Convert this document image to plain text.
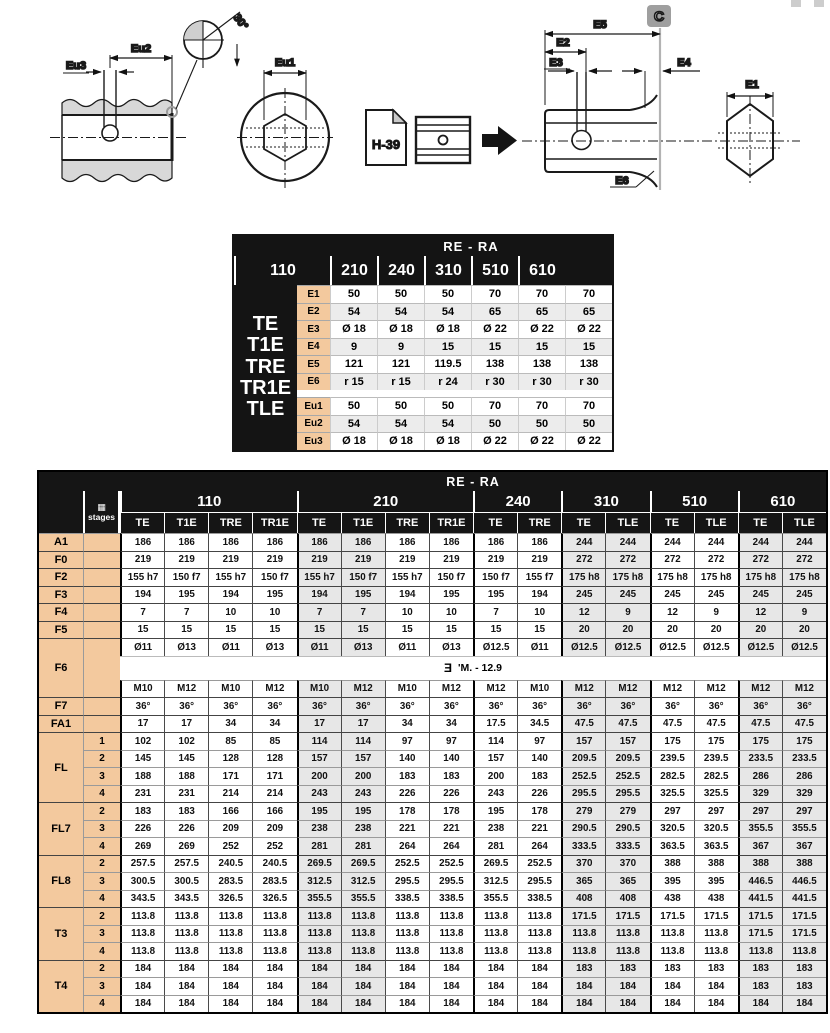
Eu2
Eu3
30°
Eu1
H-39
C
E5
E2
E3	E4
E6
E1
RE - RA
110	210	240	310	510	610
TE
T1E
TRE
TR1E
TLE
E1	50	50	50	70	70	70
E2	54	54	54	65	65	65
E3	Ø 18	Ø 18	Ø 18	Ø 22	Ø 22	Ø 22
E4	9	9	15	15	15	15
E5	121	121	119.5	138	138	138
E6	r 15	r 15	r 24	r 30	r 30	r 30
Eu1	50	50	50	70	70	70
Eu2	54	54	54	50	50	50
Eu3	Ø 18	Ø 18	Ø 18	Ø 22	Ø 22	Ø 22
RE - RA
▦
stages
110	210	240	310	510	610
TE	T1E	TRE	TR1E	TE	T1E	TRE	TR1E	TE	TRE	TE	TLE	TE	TLE	TE	TLE
A1	186	186	186	186	186	186	186	186	186	186	244	244	244	244	244	244
F0	219	219	219	219	219	219	219	219	219	219	272	272	272	272	272	272
F2	155 h7	150 f7	155 h7	150 f7	155 h7	150 f7	155 h7	150 f7	150 f7	155 f7	175 h8	175 h8	175 h8	175 h8	175 h8	175 h8
F3	194	195	194	195	194	195	194	195	195	194	245	245	245	245	245	245
F4	7	7	10	10	7	7	10	10	7	10	12	9	12	9	12	9
F5	15	15	15	15	15	15	15	15	15	15	20	20	20	20	20	20
F6
Ø11	Ø13	Ø11	Ø13	Ø11	Ø13	Ø11	Ø13	Ø12.5	Ø11	Ø12.5	Ø12.5	Ø12.5	Ø12.5	Ø12.5	Ø12.5
Ǝ 'M. - 12.9
M10	M12	M10	M12	M10	M12	M10	M12	M12	M10	M12	M12	M12	M12	M12	M12
F7	36°	36°	36°	36°	36°	36°	36°	36°	36°	36°	36°	36°	36°	36°	36°	36°
FA1	17	17	34	34	17	17	34	34	17.5	34.5	47.5	47.5	47.5	47.5	47.5	47.5
FL
1	102	102	85	85	114	114	97	97	114	97	157	157	175	175	175	175
2	145	145	128	128	157	157	140	140	157	140	209.5	209.5	239.5	239.5	233.5	233.5
3	188	188	171	171	200	200	183	183	200	183	252.5	252.5	282.5	282.5	286	286
4	231	231	214	214	243	243	226	226	243	226	295.5	295.5	325.5	325.5	329	329
FL7
2	183	183	166	166	195	195	178	178	195	178	279	279	297	297	297	297
3	226	226	209	209	238	238	221	221	238	221	290.5	290.5	320.5	320.5	355.5	355.5
4	269	269	252	252	281	281	264	264	281	264	333.5	333.5	363.5	363.5	367	367
FL8
2	257.5	257.5	240.5	240.5	269.5	269.5	252.5	252.5	269.5	252.5	370	370	388	388	388	388
3	300.5	300.5	283.5	283.5	312.5	312.5	295.5	295.5	312.5	295.5	365	365	395	395	446.5	446.5
4	343.5	343.5	326.5	326.5	355.5	355.5	338.5	338.5	355.5	338.5	408	408	438	438	441.5	441.5
T3
2	113.8	113.8	113.8	113.8	113.8	113.8	113.8	113.8	113.8	113.8	171.5	171.5	171.5	171.5	171.5	171.5
3	113.8	113.8	113.8	113.8	113.8	113.8	113.8	113.8	113.8	113.8	113.8	113.8	113.8	113.8	171.5	171.5
4	113.8	113.8	113.8	113.8	113.8	113.8	113.8	113.8	113.8	113.8	113.8	113.8	113.8	113.8	113.8	113.8
T4
2	184	184	184	184	184	184	184	184	184	184	183	183	183	183	183	183
3	184	184	184	184	184	184	184	184	184	184	184	184	184	184	183	183
4	184	184	184	184	184	184	184	184	184	184	184	184	184	184	184	184
